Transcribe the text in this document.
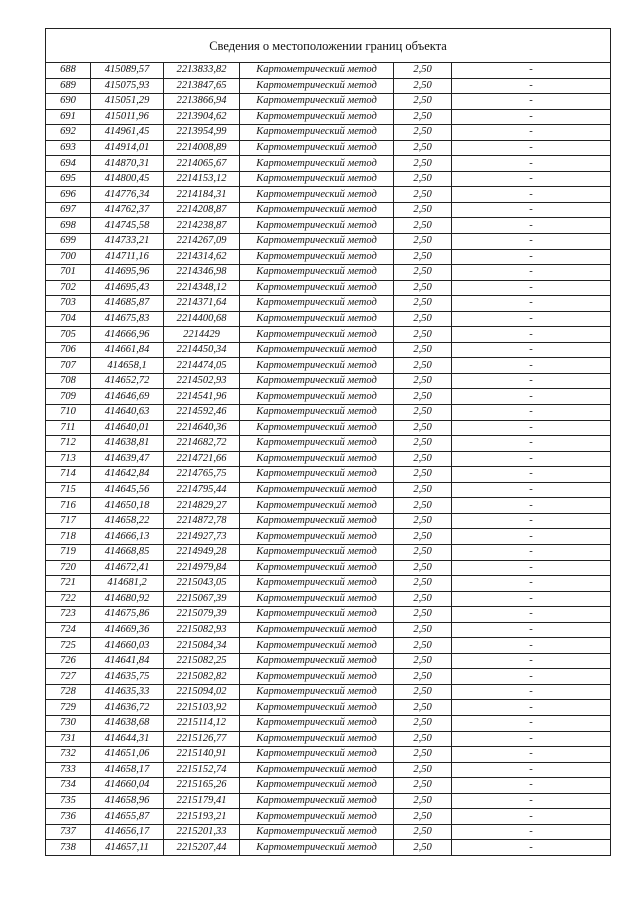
Сведения о местоположении границ объекта					
688	415089,57	2213833,82	Картометрический метод	2,50	-
689	415075,93	2213847,65	Картометрический метод	2,50	-
690	415051,29	2213866,94	Картометрический метод	2,50	-
691	415011,96	2213904,62	Картометрический метод	2,50	-
692	414961,45	2213954,99	Картометрический метод	2,50	-
693	414914,01	2214008,89	Картометрический метод	2,50	-
694	414870,31	2214065,67	Картометрический метод	2,50	-
695	414800,45	2214153,12	Картометрический метод	2,50	-
696	414776,34	2214184,31	Картометрический метод	2,50	-
697	414762,37	2214208,87	Картометрический метод	2,50	-
698	414745,58	2214238,87	Картометрический метод	2,50	-
699	414733,21	2214267,09	Картометрический метод	2,50	-
700	414711,16	2214314,62	Картометрический метод	2,50	-
701	414695,96	2214346,98	Картометрический метод	2,50	-
702	414695,43	2214348,12	Картометрический метод	2,50	-
703	414685,87	2214371,64	Картометрический метод	2,50	-
704	414675,83	2214400,68	Картометрический метод	2,50	-
705	414666,96	2214429	Картометрический метод	2,50	-
706	414661,84	2214450,34	Картометрический метод	2,50	-
707	414658,1	2214474,05	Картометрический метод	2,50	-
708	414652,72	2214502,93	Картометрический метод	2,50	-
709	414646,69	2214541,96	Картометрический метод	2,50	-
710	414640,63	2214592,46	Картометрический метод	2,50	-
711	414640,01	2214640,36	Картометрический метод	2,50	-
712	414638,81	2214682,72	Картометрический метод	2,50	-
713	414639,47	2214721,66	Картометрический метод	2,50	-
714	414642,84	2214765,75	Картометрический метод	2,50	-
715	414645,56	2214795,44	Картометрический метод	2,50	-
716	414650,18	2214829,27	Картометрический метод	2,50	-
717	414658,22	2214872,78	Картометрический метод	2,50	-
718	414666,13	2214927,73	Картометрический метод	2,50	-
719	414668,85	2214949,28	Картометрический метод	2,50	-
720	414672,41	2214979,84	Картометрический метод	2,50	-
721	414681,2	2215043,05	Картометрический метод	2,50	-
722	414680,92	2215067,39	Картометрический метод	2,50	-
723	414675,86	2215079,39	Картометрический метод	2,50	-
724	414669,36	2215082,93	Картометрический метод	2,50	-
725	414660,03	2215084,34	Картометрический метод	2,50	-
726	414641,84	2215082,25	Картометрический метод	2,50	-
727	414635,75	2215082,82	Картометрический метод	2,50	-
728	414635,33	2215094,02	Картометрический метод	2,50	-
729	414636,72	2215103,92	Картометрический метод	2,50	-
730	414638,68	2215114,12	Картометрический метод	2,50	-
731	414644,31	2215126,77	Картометрический метод	2,50	-
732	414651,06	2215140,91	Картометрический метод	2,50	-
733	414658,17	2215152,74	Картометрический метод	2,50	-
734	414660,04	2215165,26	Картометрический метод	2,50	-
735	414658,96	2215179,41	Картометрический метод	2,50	-
736	414655,87	2215193,21	Картометрический метод	2,50	-
737	414656,17	2215201,33	Картометрический метод	2,50	-
738	414657,11	2215207,44	Картометрический метод	2,50	-
